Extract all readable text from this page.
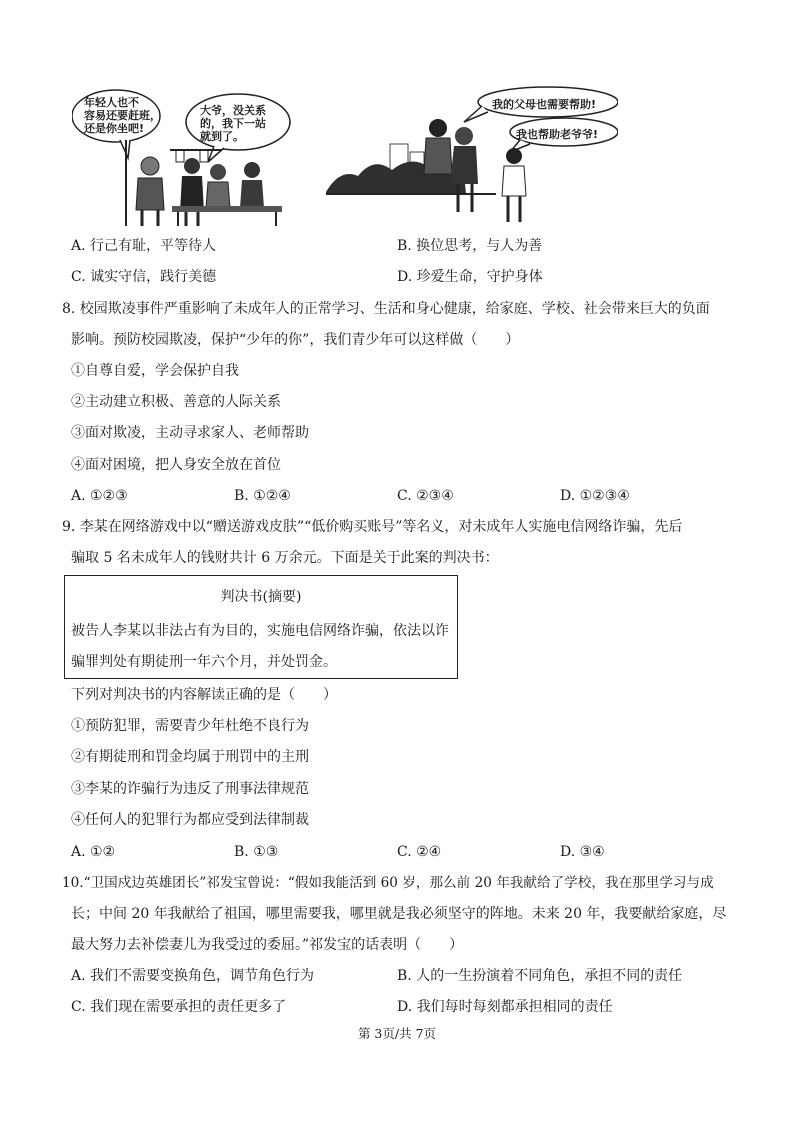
年轻人也不
容易还要赶班，
还是你坐吧!
大爷，没关系
的，我下一站
就到了。
我的父母也需要帮助!
我也帮助老爷爷!
A. 行己有耻，平等待人	B. 换位思考，与人为善
C. 诚实守信，践行美德	D. 珍爱生命，守护身体
8. 校园欺凌事件严重影响了未成年人的正常学习、生活和身心健康，给家庭、学校、社会带来巨大的负面
影响。预防校园欺凌，保护“少年的你”，我们青少年可以这样做（　　）
①自尊自爱，学会保护自我
②主动建立积极、善意的人际关系
③面对欺凌，主动寻求家人、老师帮助
④面对困境，把人身安全放在首位
A. ①②③	B. ①②④	C. ②③④	D. ①②③④
9. 李某在网络游戏中以“赠送游戏皮肤”“低价购买账号”等名义，对未成年人实施电信网络诈骗，先后
骗取 5 名未成年人的钱财共计 6 万余元。下面是关于此案的判决书：
判决书(摘要)
被告人李某以非法占有为目的，实施电信网络诈骗，依法以诈
骗罪判处有期徒刑一年六个月，并处罚金。
下列对判决书的内容解读正确的是（　　）
①预防犯罪，需要青少年杜绝不良行为
②有期徒刑和罚金均属于刑罚中的主刑
③李某的诈骗行为违反了刑事法律规范
④任何人的犯罪行为都应受到法律制裁
A. ①②	B. ①③	C. ②④	D. ③④
10.“卫国戍边英雄团长”祁发宝曾说：“假如我能活到 60 岁，那么前 20 年我献给了学校，我在那里学习与成
长；中间 20 年我献给了祖国，哪里需要我，哪里就是我必须坚守的阵地。未来 20 年，我要献给家庭，尽
最大努力去补偿妻儿为我受过的委屈。”祁发宝的话表明（　　）
A. 我们不需要变换角色，调节角色行为	B. 人的一生扮演着不同角色，承担不同的责任
C. 我们现在需要承担的责任更多了	D. 我们每时每刻都承担相同的责任
第 3页/共 7页
